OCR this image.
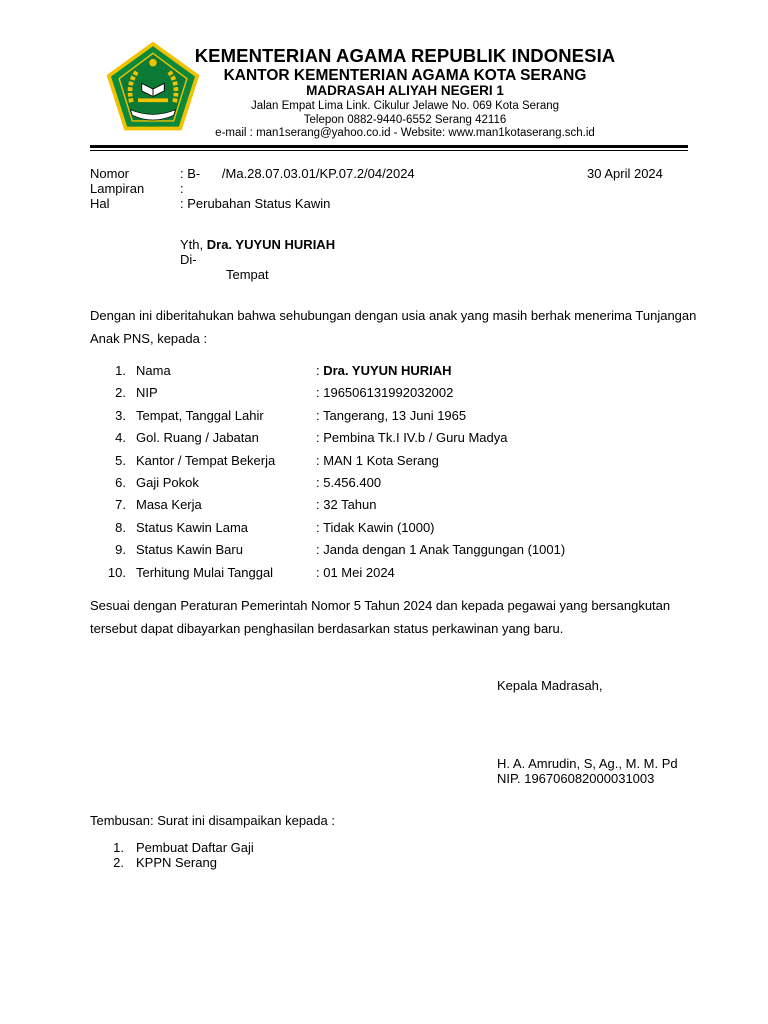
KEMENTERIAN AGAMA REPUBLIK INDONESIA
KANTOR KEMENTERIAN AGAMA KOTA SERANG
MADRASAH ALIYAH NEGERI 1
Jalan Empat Lima Link. Cikulur Jelawe No. 069 Kota Serang
Telepon 0882-9440-6552 Serang 42116
e-mail : man1serang@yahoo.co.id - Website: www.man1kotaserang.sch.id
Nomor	: B-      /Ma.28.07.03.01/KP.07.2/04/2024	30 April 2024
Lampiran	:
Hal	: Perubahan Status Kawin
Yth, Dra. YUYUN HURIAH
Di-
Tempat
Dengan ini diberitahukan bahwa sehubungan dengan usia anak yang masih berhak menerima Tunjangan
Anak PNS, kepada :
1. Nama	: Dra. YUYUN HURIAH
2. NIP	: 196506131992032002
3. Tempat, Tanggal Lahir	: Tangerang, 13 Juni 1965
4. Gol. Ruang / Jabatan	: Pembina Tk.I IV.b / Guru Madya
5. Kantor / Tempat Bekerja	: MAN 1 Kota Serang
6. Gaji Pokok	: 5.456.400
7. Masa Kerja	: 32 Tahun
8. Status Kawin Lama	: Tidak Kawin (1000)
9. Status Kawin Baru	: Janda dengan 1 Anak Tanggungan (1001)
10. Terhitung Mulai Tanggal	: 01 Mei 2024
Sesuai dengan Peraturan Pemerintah Nomor 5 Tahun 2024 dan kepada pegawai yang bersangkutan
tersebut dapat dibayarkan penghasilan berdasarkan status perkawinan yang baru.
Kepala Madrasah,
H. A. Amrudin, S, Ag., M. M. Pd
NIP. 196706082000031003
Tembusan: Surat ini disampaikan kepada :
1. Pembuat Daftar Gaji
2. KPPN Serang
